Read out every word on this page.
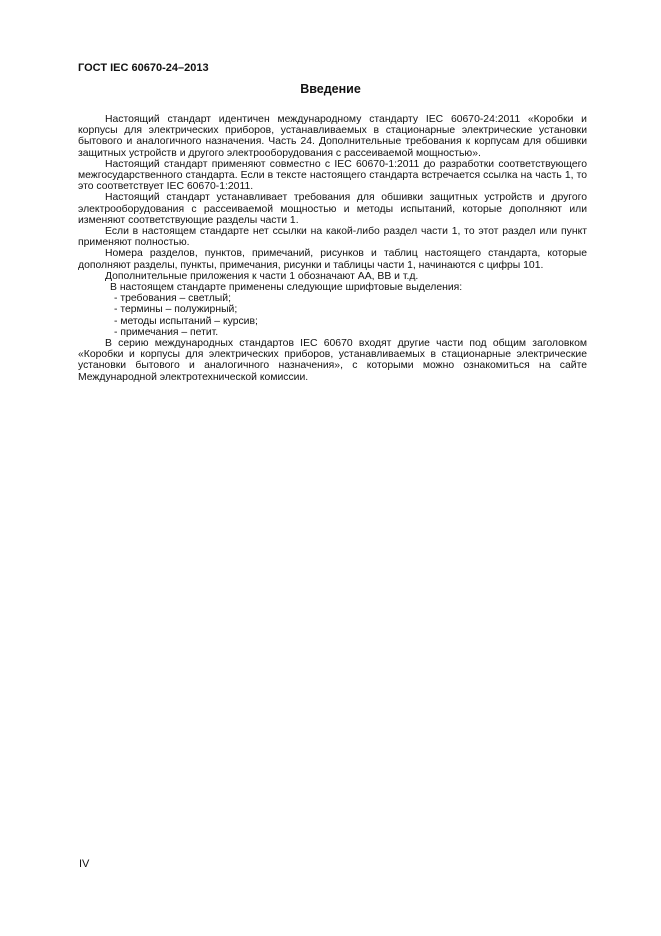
ГОСТ IEC 60670-24–2013
Введение

Настоящий стандарт идентичен международному стандарту IEC 60670-24:2011 «Коробки и корпусы для электрических приборов, устанавливаемых в стационарные электрические установки бытового и аналогичного назначения. Часть 24. Дополнительные требования к корпусам для обшивки защитных устройств и другого электрооборудования с рассеиваемой мощностью».

Настоящий стандарт применяют совместно с IEC 60670-1:2011 до разработки соответствующего межгосударственного стандарта. Если в тексте настоящего стандарта встречается ссылка на часть 1, то это соответствует IEC 60670-1:2011.

Настоящий стандарт устанавливает требования для обшивки защитных устройств и другого электрооборудования с рассеиваемой мощностью и методы испытаний, которые дополняют или изменяют соответствующие разделы части 1.

Если в настоящем стандарте нет ссылки на какой-либо раздел части 1, то этот раздел или пункт применяют полностью.

Номера разделов, пунктов, примечаний, рисунков и таблиц настоящего стандарта, которые дополняют разделы, пункты, примечания, рисунки и таблицы части 1, начинаются с цифры 101.

Дополнительные приложения к части 1 обозначают АА, ВВ и т.д.

В настоящем стандарте применены следующие шрифтовые выделения:

- требования – светлый;

- термины – полужирный;

- методы испытаний – курсив;

- примечания – петит.

В серию международных стандартов IEC 60670 входят другие части под общим заголовком «Коробки и корпусы для электрических приборов, устанавливаемых в стационарные электрические установки бытового и аналогичного назначения», с которыми можно ознакомиться на сайте Международной электротехнической комиссии.

IV
